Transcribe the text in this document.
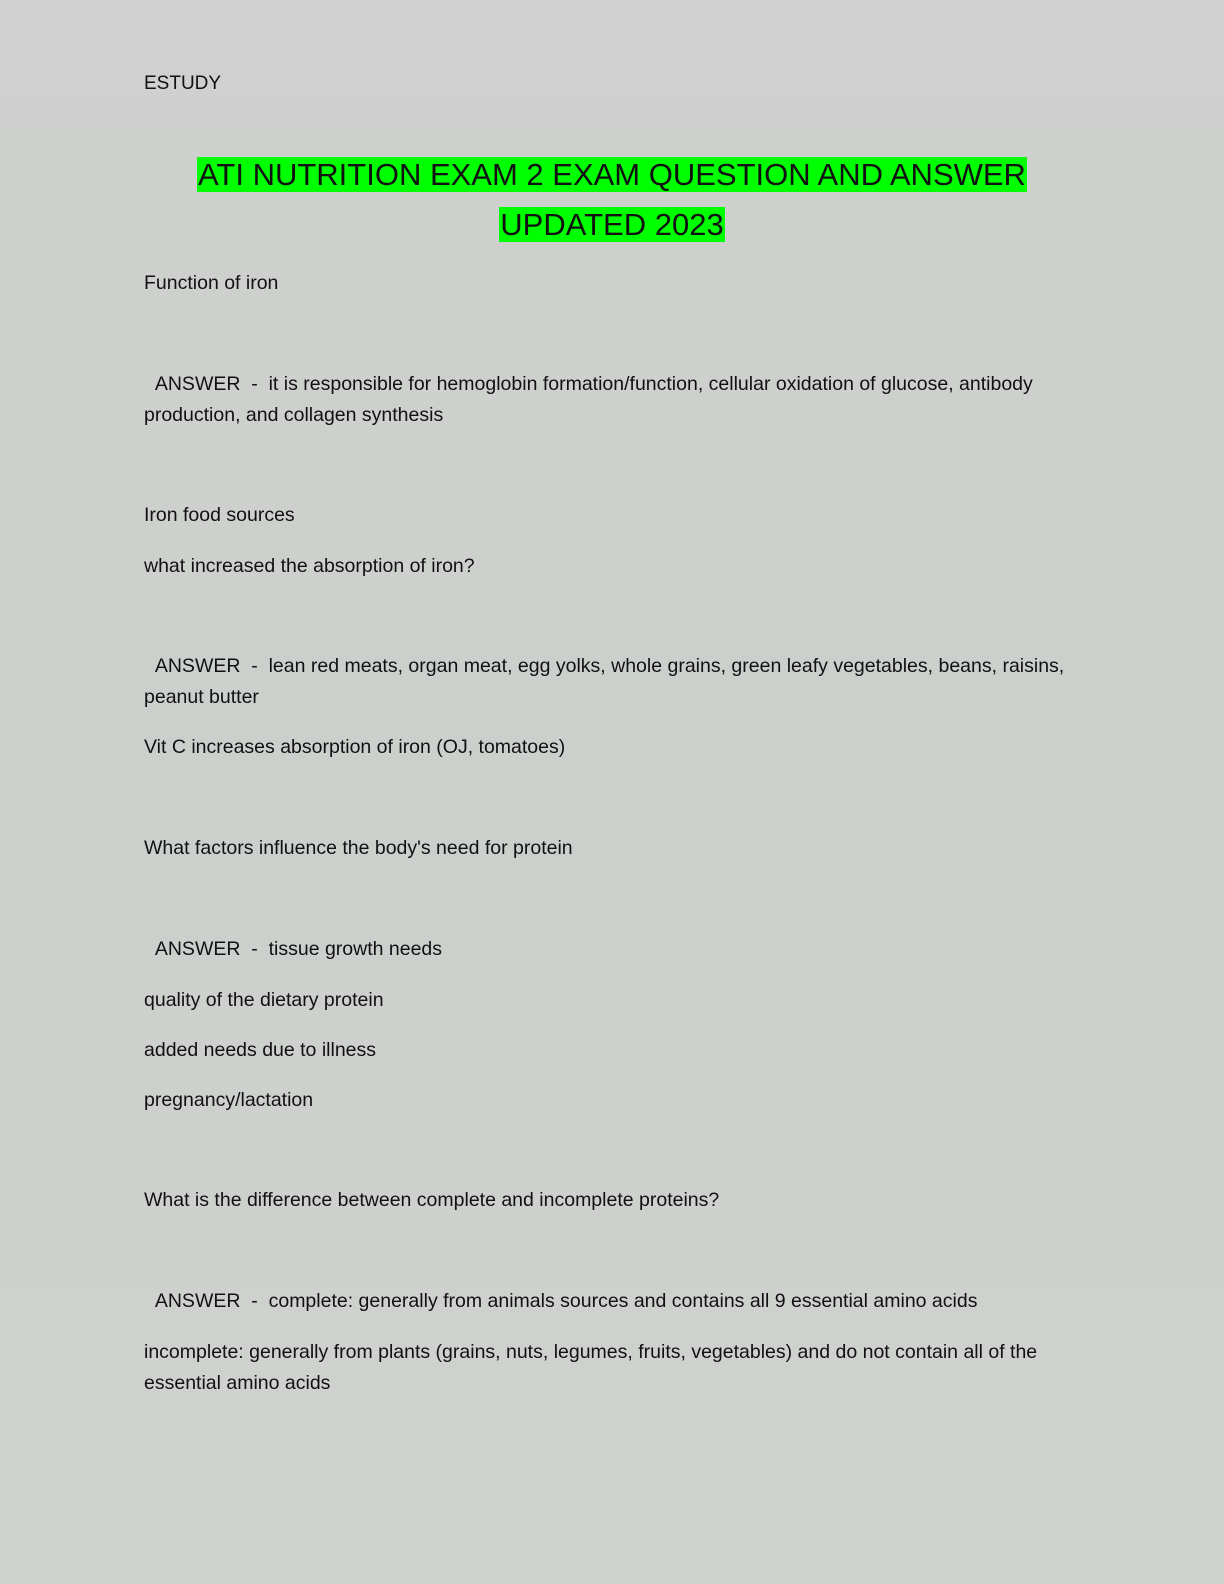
ESTUDY
ATI NUTRITION EXAM 2 EXAM QUESTION AND ANSWER
UPDATED 2023
Function of iron
ANSWER  -  it is responsible for hemoglobin formation/function, cellular oxidation of glucose, antibody production, and collagen synthesis
Iron food sources
what increased the absorption of iron?
ANSWER  -  lean red meats, organ meat, egg yolks, whole grains, green leafy vegetables, beans, raisins, peanut butter
Vit C increases absorption of iron (OJ, tomatoes)
What factors influence the body's need for protein
ANSWER  -  tissue growth needs
quality of the dietary protein
added needs due to illness
pregnancy/lactation
What is the difference between complete and incomplete proteins?
ANSWER  -  complete: generally from animals sources and contains all 9 essential amino acids
incomplete: generally from plants (grains, nuts, legumes, fruits, vegetables) and do not contain all of the essential amino acids
